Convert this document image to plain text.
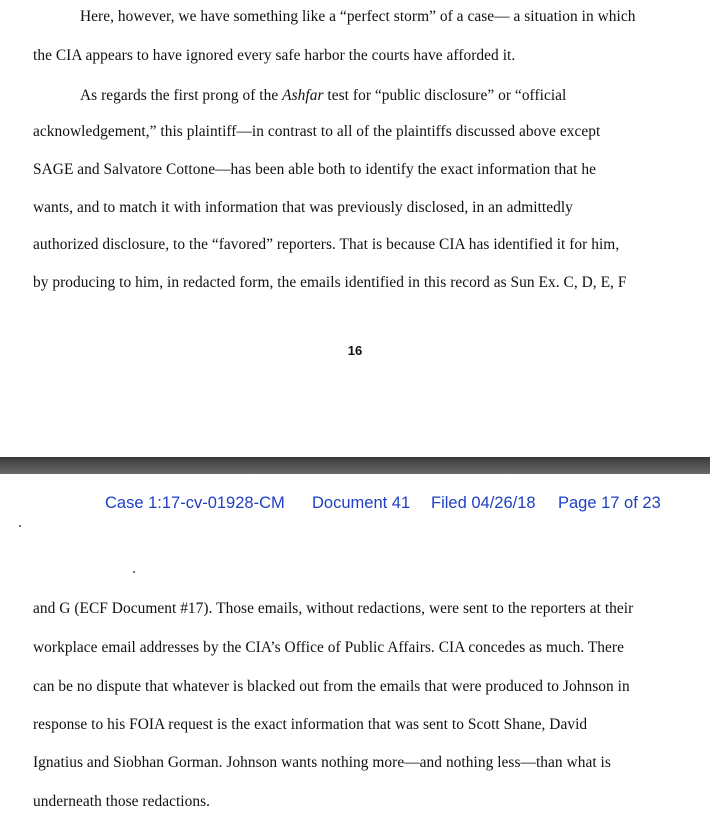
Here, however, we have something like a “perfect storm” of a case— a situation in which
the CIA appears to have ignored every safe harbor the courts have afforded it.
As regards the first prong of the Ashfar test for “public disclosure” or “official
acknowledgement,” this plaintiff—in contrast to all of the plaintiffs discussed above except
SAGE and Salvatore Cottone—has been able both to identify the exact information that he
wants, and to match it with information that was previously disclosed, in an admittedly
authorized disclosure, to the “favored” reporters. That is because CIA has identified it for him,
by producing to him, in redacted form, the emails identified in this record as Sun Ex. C, D, E, F
16
Case 1:17-cv-01928-CM Document 41 Filed 04/26/18 Page 17 of 23
and G (ECF Document #17). Those emails, without redactions, were sent to the reporters at their
workplace email addresses by the CIA’s Office of Public Affairs. CIA concedes as much. There
can be no dispute that whatever is blacked out from the emails that were produced to Johnson in
response to his FOIA request is the exact information that was sent to Scott Shane, David
Ignatius and Siobhan Gorman. Johnson wants nothing more—and nothing less—than what is
underneath those redactions.
